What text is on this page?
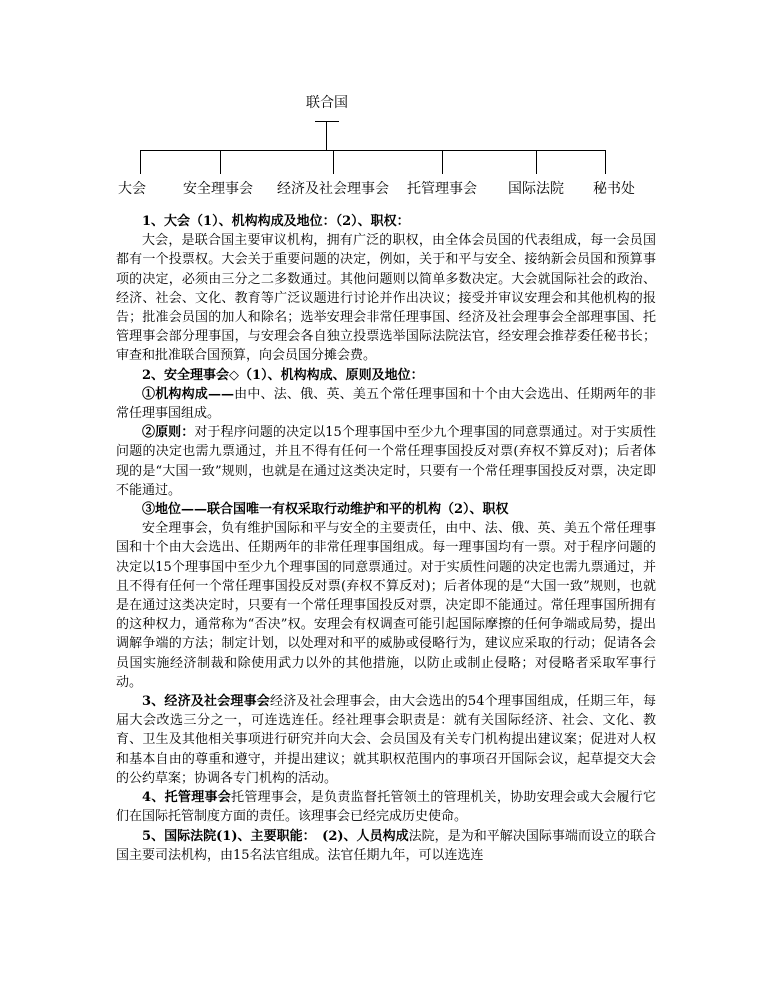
联合国
大会	安全理事会 经济及社会理事会 托管理事会 国际法院 秘书处

1、大会（1）、机构构成及地位：（2）、职权：

大会，是联合国主要审议机构，拥有广泛的职权，由全体会员国的代表组成，每一会员国都有一个投票权。大会关于重要问题的决定，例如，关于和平与安全、接纳新会员国和预算事项的决定，必须由三分之二多数通过。其他问题则以简单多数决定。大会就国际社会的政治、经济、社会、文化、教育等广泛议题进行讨论并作出决议；接受并审议安理会和其他机构的报告；批准会员国的加人和除名；选举安理会非常任理事国、经济及社会理事会全部理事国、托管理事会部分理事国，与安理会各自独立投票选举国际法院法官，经安理会推荐委任秘书长；审查和批准联合国预算，向会员国分摊会费。

2、安全理事会◇（1）、机构构成、原则及地位：

①机构构成——由中、法、俄、英、美五个常任理事国和十个由大会选出、任期两年的非常任理事国组成。

②原则：对于程序问题的决定以15个理事国中至少九个理事国的同意票通过。对于实质性问题的决定也需九票通过，并且不得有任何一个常任理事国投反对票(弃权不算反对)；后者体现的是“大国一致”规则，也就是在通过这类决定时，只要有一个常任理事国投反对票，决定即不能通过。

③地位——联合国唯一有权采取行动维护和平的机构（2）、职权

安全理事会，负有维护国际和平与安全的主要责任，由中、法、俄、英、美五个常任理事国和十个由大会选出、任期两年的非常任理事国组成。每一理事国均有一票。对于程序问题的决定以15个理事国中至少九个理事国的同意票通过。对于实质性问题的决定也需九票通过，并且不得有任何一个常任理事国投反对票(弃权不算反对)；后者体现的是“大国一致”规则，也就是在通过这类决定时，只要有一个常任理事国投反对票，决定即不能通过。常任理事国所拥有的这种权力，通常称为“否决”权。安理会有权调查可能引起国际摩擦的任何争端或局势，提出调解争端的方法；制定计划，以处理对和平的威胁或侵略行为，建议应采取的行动；促请各会员国实施经济制裁和除使用武力以外的其他措施，以防止或制止侵略；对侵略者采取军事行动。

3、经济及社会理事会经济及社会理事会，由大会选出的54个理事国组成，任期三年，每届大会改选三分之一，可连选连任。经社理事会职责是：就有关国际经济、社会、文化、教育、卫生及其他相关事项进行研究并向大会、会员国及有关专门机构提出建议案；促进对人权和基本自由的尊重和遵守，并提出建议；就其职权范围内的事项召开国际会议，起草提交大会的公约草案；协调各专门机构的活动。

4、托管理事会托管理事会，是负责监督托管领土的管理机关，协助安理会或大会履行它们在国际托管制度方面的责任。该理事会已经完成历史使命。

5、国际法院(1)、主要职能：　(2)、人员构成法院，是为和平解决国际事端而设立的联合国主要司法机构，由15名法官组成。法官任期九年，可以连选连
